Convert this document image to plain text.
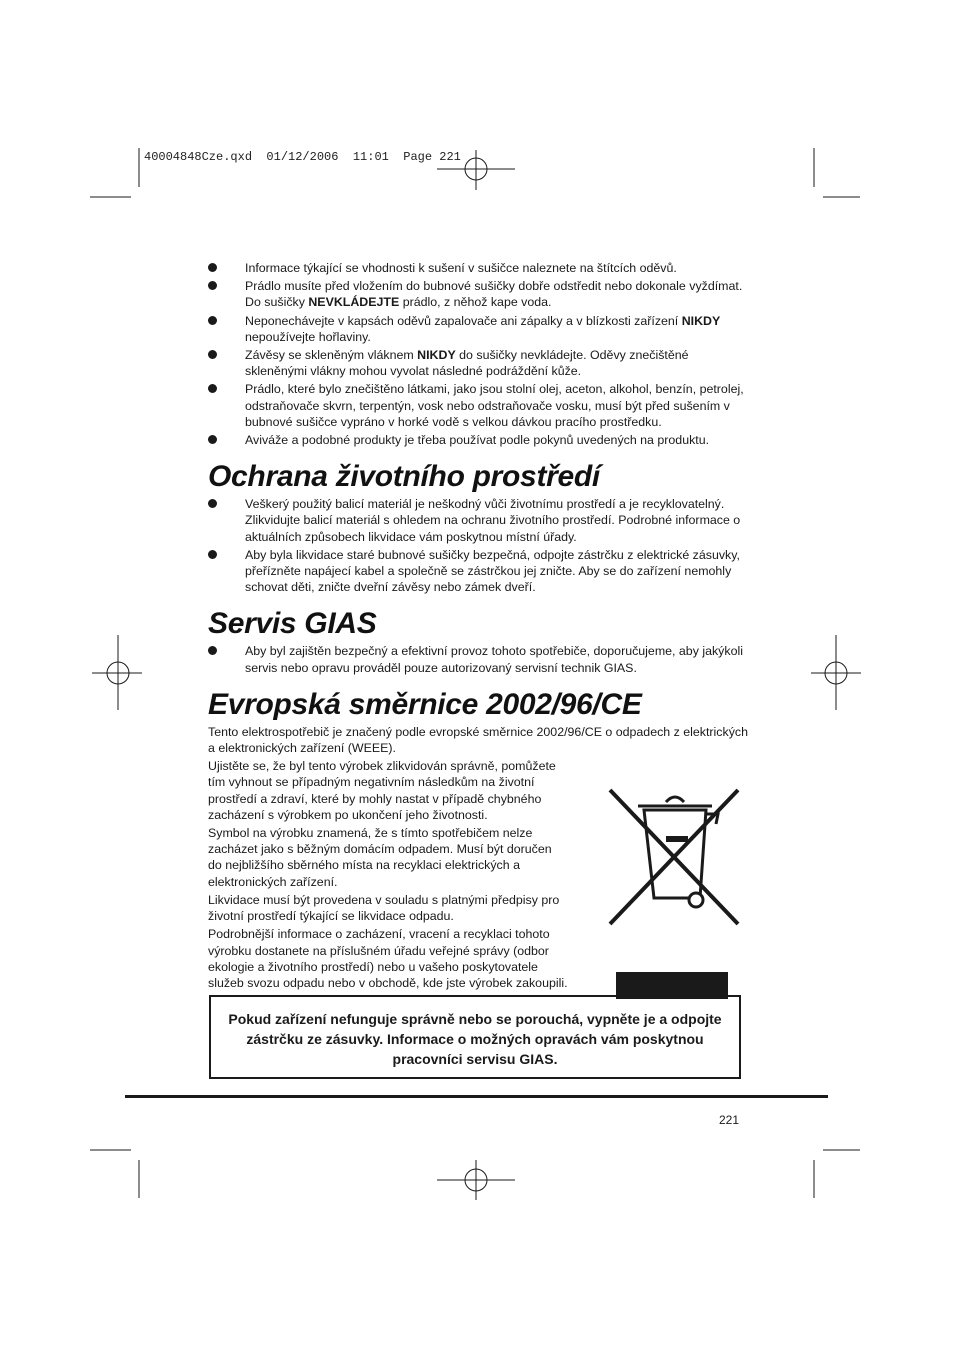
40004848Cze.qxd  01/12/2006  11:01  Page 221
Informace týkající se vhodnosti k sušení v sušičce naleznete na štítcích oděvů.
Prádlo musíte před vložením do bubnové sušičky dobře odstředit nebo dokonale vyždímat. Do sušičky NEVKLÁDEJTE prádlo, z něhož kape voda.
Neponechávejte v kapsách oděvů zapalovače ani zápalky a v blízkosti zařízení NIKDY nepoužívejte hořlaviny.
Závěsy se skleněným vláknem NIKDY do sušičky nevkládejte. Oděvy znečištěné skleněnými vlákny mohou vyvolat následné podráždění kůže.
Prádlo, které bylo znečištěno látkami, jako jsou stolní olej, aceton, alkohol, benzín, petrolej, odstraňovače skvrn, terpentýn, vosk nebo odstraňovače vosku, musí být před sušením v bubnové sušičce vypráno v horké vodě s velkou dávkou pracího prostředku.
Aviváže a podobné produkty je třeba používat podle pokynů uvedených na produktu.
Ochrana životního prostředí
Veškerý použitý balicí materiál je neškodný vůči životnímu prostředí a je recyklovatelný. Zlikvidujte balicí materiál s ohledem na ochranu životního prostředí. Podrobné informace o aktuálních způsobech likvidace vám poskytnou místní úřady.
Aby byla likvidace staré bubnové sušičky bezpečná, odpojte zástrčku z elektrické zásuvky, přeřízněte napájecí kabel a společně se zástrčkou jej zničte. Aby se do zařízení nemohly schovat děti, zničte dveřní závěsy nebo zámek dveří.
Servis GIAS
Aby byl zajištěn bezpečný a efektivní provoz tohoto spotřebiče, doporučujeme, aby jakýkoli servis nebo opravu prováděl pouze autorizovaný servisní technik GIAS.
Evropská směrnice 2002/96/CE

Tento elektrospotřebič je značený podle evropské směrnice 2002/96/CE o odpadech z elektrických a elektronických zařízení (WEEE).

Ujistěte se, že byl tento výrobek zlikvidován správně, pomůžete tím vyhnout se případným negativním následkům na životní prostředí a zdraví, které by mohly nastat v případě chybného zacházení s výrobkem po ukončení jeho životnosti.

Symbol na výrobku znamená, že s tímto spotřebičem nelze zacházet jako s běžným domácím odpadem. Musí být doručen do nejbližšího sběrného místa na recyklaci elektrických a elektronických zařízení.

Likvidace musí být provedena v souladu s platnými předpisy pro životní prostředí týkající se likvidace odpadu.

Podrobnější informace o zacházení, vracení a recyklaci tohoto výrobku dostanete na příslušném úřadu veřejné správy (odbor ekologie a životního prostředí) nebo u vašeho poskytovatele služeb svozu odpadu nebo v obchodě, kde jste výrobek zakoupili.

Pokud zařízení nefunguje správně nebo se porouchá, vypněte je a odpojte zástrčku ze zásuvky. Informace o možných opravách vám poskytnou pracovníci servisu GIAS.
221
